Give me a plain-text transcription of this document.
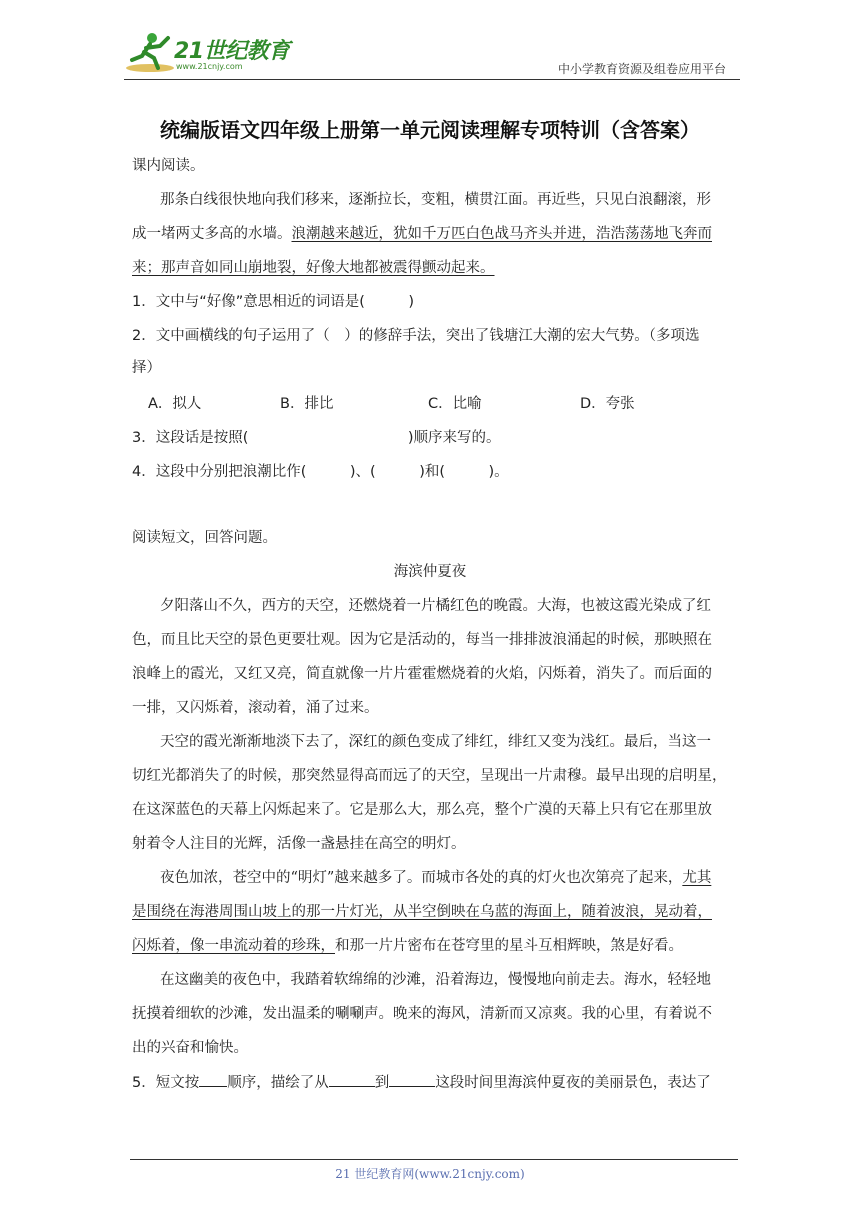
21世纪教育
www.21cnjy.com	中小学教育资源及组卷应用平台
统编版语文四年级上册第一单元阅读理解专项特训（含答案）
课内阅读。
那条白线很快地向我们移来，逐渐拉长，变粗，横贯江面。再近些，只见白浪翻滚，形
成一堵两丈多高的水墙。浪潮越来越近，犹如千万匹白色战马齐头并进，浩浩荡荡地飞奔而
来；那声音如同山崩地裂，好像大地都被震得颤动起来。
1．文中与“好像”意思相近的词语是(　　　)
2．文中画横线的句子运用了（　）的修辞手法，突出了钱塘江大潮的宏大气势。（多项选
择）
A．拟人	B．排比	C．比喻	D．夸张
3．这段话是按照(　　　　　　　　　　　)顺序来写的。
4．这段中分别把浪潮比作(　　　)、(　　　)和(　　　)。
阅读短文，回答问题。
海滨仲夏夜
夕阳落山不久，西方的天空，还燃烧着一片橘红色的晚霞。大海，也被这霞光染成了红
色，而且比天空的景色更要壮观。因为它是活动的，每当一排排波浪涌起的时候，那映照在
浪峰上的霞光，又红又亮，简直就像一片片霍霍燃烧着的火焰，闪烁着，消失了。而后面的
一排，又闪烁着，滚动着，涌了过来。
天空的霞光渐渐地淡下去了，深红的颜色变成了绯红，绯红又变为浅红。最后，当这一
切红光都消失了的时候，那突然显得高而远了的天空，呈现出一片肃穆。最早出现的启明星，
在这深蓝色的天幕上闪烁起来了。它是那么大，那么亮，整个广漠的天幕上只有它在那里放
射着令人注目的光辉，活像一盏悬挂在高空的明灯。
夜色加浓，苍空中的“明灯”越来越多了。而城市各处的真的灯火也次第亮了起来，尤其
是围绕在海港周围山坡上的那一片灯光，从半空倒映在乌蓝的海面上，随着波浪，晃动着，
闪烁着，像一串流动着的珍珠，和那一片片密布在苍穹里的星斗互相辉映，煞是好看。
在这幽美的夜色中，我踏着软绵绵的沙滩，沿着海边，慢慢地向前走去。海水，轻轻地
抚摸着细软的沙滩，发出温柔的唰唰声。晚来的海风，清新而又凉爽。我的心里，有着说不
出的兴奋和愉快。
5．短文按 顺序，描绘了从	到	这段时间里海滨仲夏夜的美丽景色，表达了
21 世纪教育网(www.21cnjy.com)
